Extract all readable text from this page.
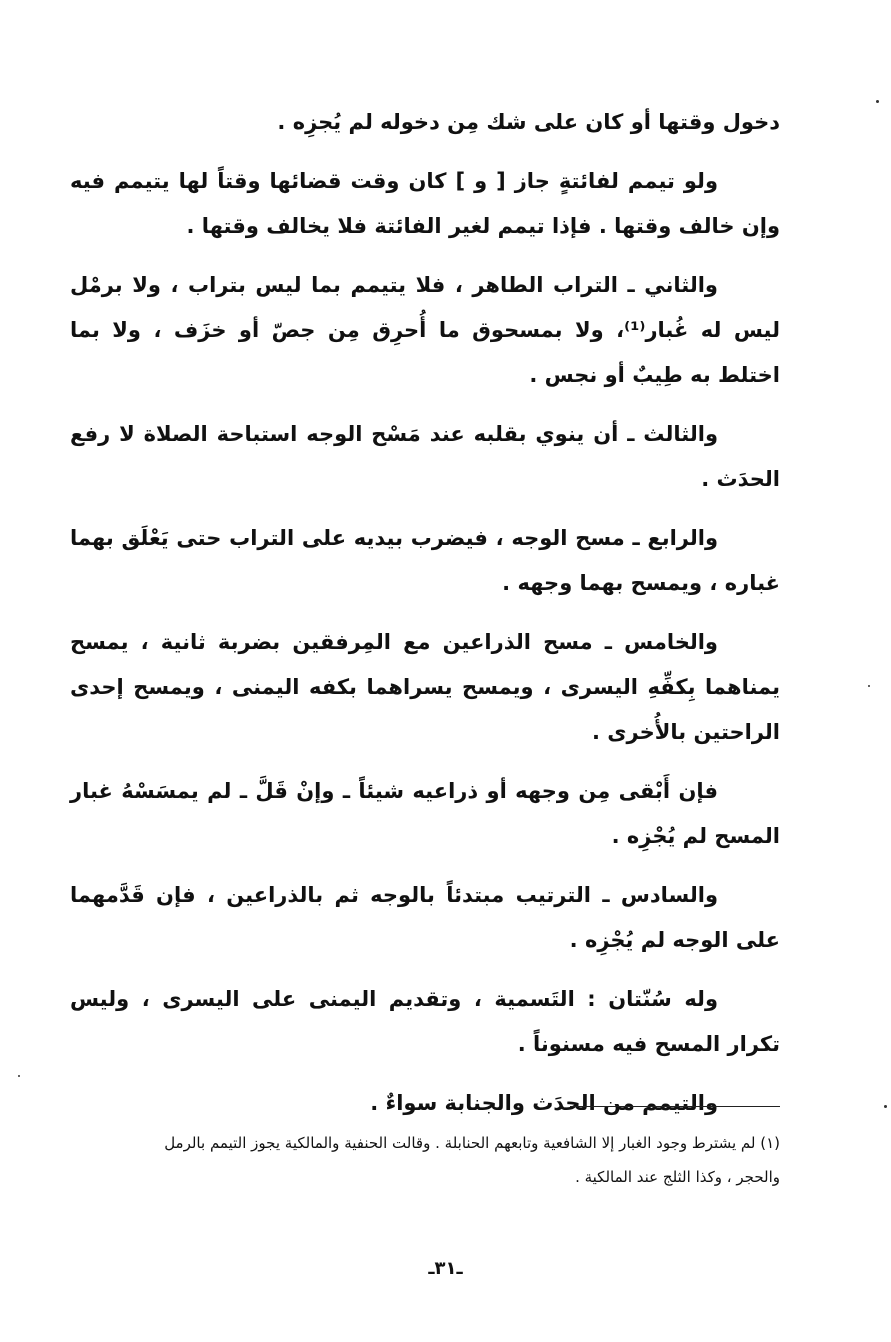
دخول وقتها أو كان على شك مِن دخوله لم يُجزِه .

ولو تيمم لفائتةٍ جاز [ و ] كان وقت قضائها وقتاً لها يتيمم فيه وإن خالف وقتها . فإذا تيمم لغير الفائتة فلا يخالف وقتها .

والثاني ـ التراب الطاهر ، فلا يتيمم بما ليس بتراب ، ولا برمْل ليس له غُبار⁽¹⁾، ولا بمسحوق ما أُحرِق مِن جصّ أو خزَف ، ولا بما اختلط به طِيبٌ أو نجس .

والثالث ـ أن ينوي بقلبه عند مَسْح الوجه استباحة الصلاة لا رفع الحدَث .

والرابع ـ مسح الوجه ، فيضرب بيديه على التراب حتى يَعْلَق بهما غباره ، ويمسح بهما وجهه .

والخامس ـ مسح الذراعين مع المِرفقين بضربة ثانية ، يمسح يمناهما بِكفِّهِ اليسرى ، ويمسح يسراهما بكفه اليمنى ، ويمسح إحدى الراحتين بالأُخرى .

فإن أَبْقى مِن وجهه أو ذراعيه شيئاً ـ وإنْ قَلَّ ـ لم يمسَسْهُ غبار المسح لم يُجْزِه .

والسادس ـ الترتيب مبتدئاً بالوجه ثم بالذراعين ، فإن قَدَّمهما على الوجه لم يُجْزِه .

وله سُنّتان : التَسمية ، وتقديم اليمنى على اليسرى ، وليس تكرار المسح فيه مسنوناً .

والتيمم من الحدَث والجنابة سواءٌ .

(١) لم يشترط وجود الغبار إلا الشافعية وتابعهم الحنابلة . وقالت الحنفية والمالكية يجوز التيمم بالرمل

والحجر ، وكذا الثلج عند المالكية .

ـ٣١ـ
